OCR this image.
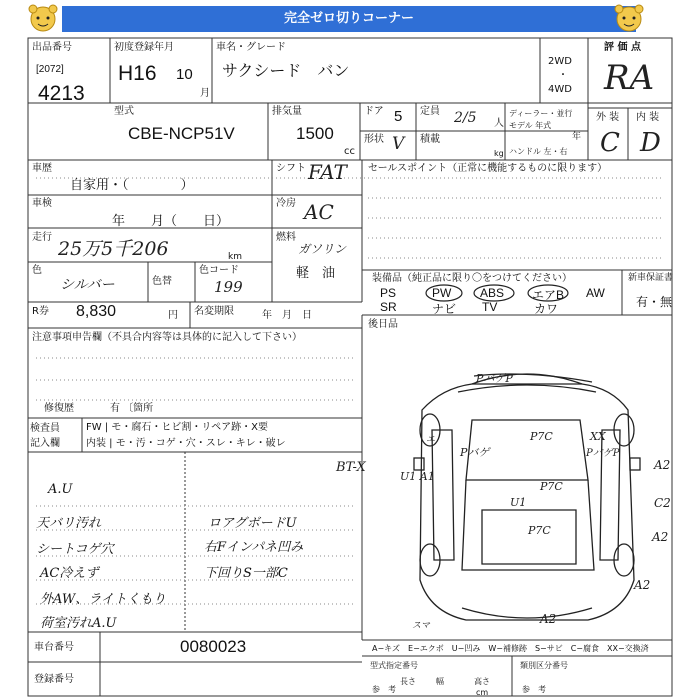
完全ゼロ切りコーナー
出品番号
[2072]
4213
初度登録年月
H16 10
月
車名・グレード
サクシード　バン
2WD
・
4WD
評 価 点
RA
型式
CBE-NCP51V
排気量
1500
cc
ドア 5 定員 2/5 人
ディーラー・並行
モデル 年式
年
形状 V 積載
kg ハンドル 左・右
外 装 内 装
C D
車歴
自家用・（　　　　）
シフト FAT セールスポイント（正常に機能するものに限ります）
車検
年　　月（　　日）
冷房 AC
走行
25万5千206	km
燃料
ガソリン
軽　油
色
シルバー	色替
色コード
199
R券 8,830	円 名変期限	年　月　日
装備品（純正品に限り〇をつけてください）	新車保証書
有・無
PS	PW ABS エアB AW
SR	ナビ TV	カワ
後日品
注意事項申告欄（不具合内容等は具体的に記入して下さい）
修復歴	有 〔箇所
検査員
記入欄
FW | モ・腐石・ヒビ割・リペア跡・X要
内装 | モ・汚・コゲ・穴・スレ・キレ・破レ
A.U
天バリ汚れ
シートコゲ穴
AC冷えず
外AW、ライトくもり
荷室汚れA.U
ロアグボードU
右Fインパネ凹み
下回りS一部C
車台番号	0080023
登録番号
A−キズ　E−エクボ　U−凹み　W−補修跡　S−サビ　C−腐食　XX−交換済
型式指定番号	類別区分番号
参　考	参　考
長さ	幅	高さ
cm
PバゲP
Pバゲ
P7C	XX
PバゲP
BT-X
U1 A1
U1
P7C
P7C
A2
C2
A2
A2
A2
スマ
エ
